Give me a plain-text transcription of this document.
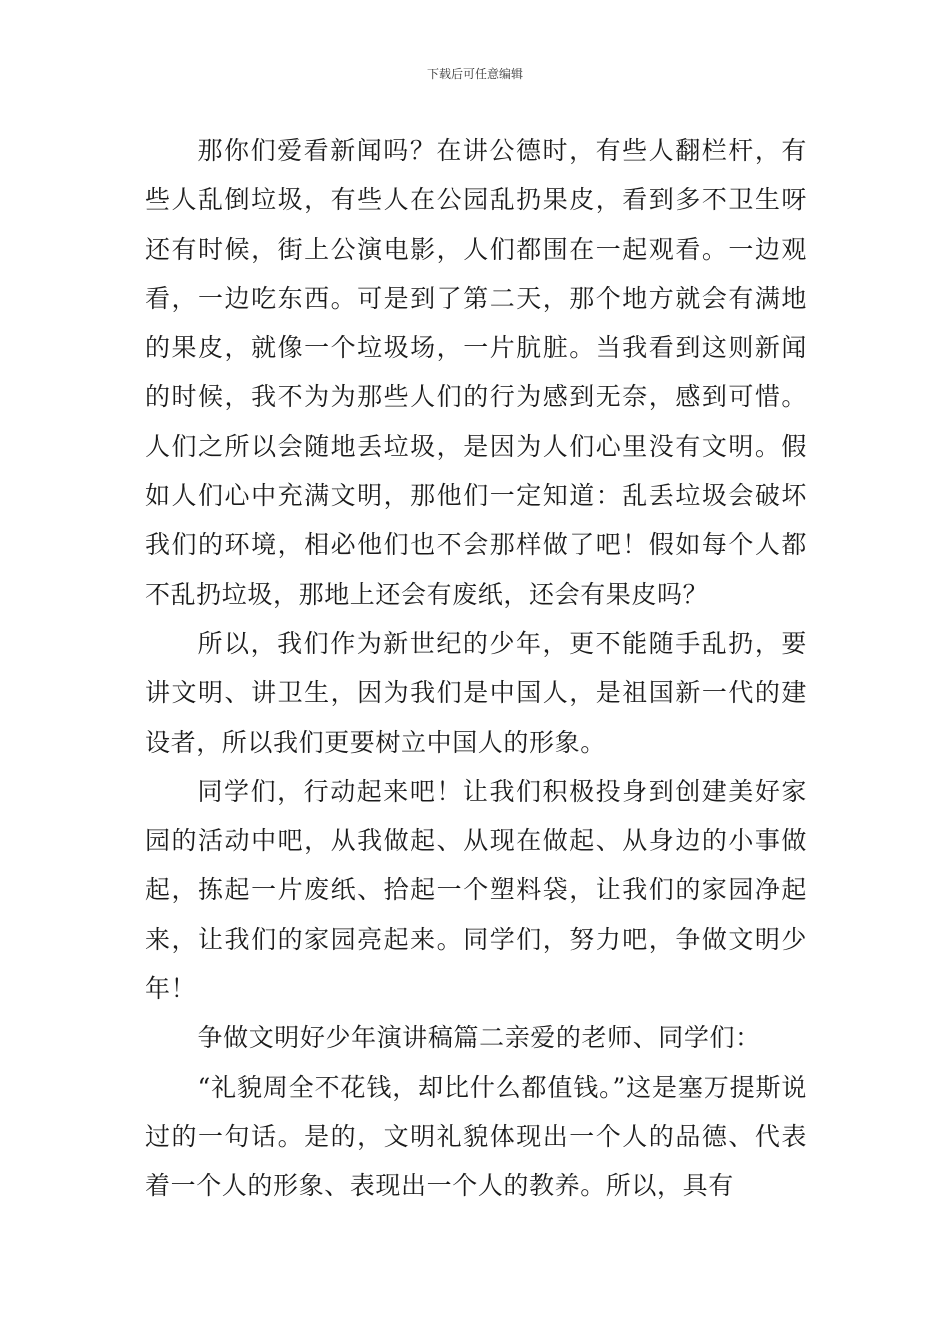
下载后可任意编辑

那你们爱看新闻吗？在讲公德时，有些人翻栏杆，有些人乱倒垃圾，有些人在公园乱扔果皮，看到多不卫生呀还有时候，街上公演电影，人们都围在一起观看。一边观看，一边吃东西。可是到了第二天，那个地方就会有满地的果皮，就像一个垃圾场，一片肮脏。当我看到这则新闻的时候，我不为为那些人们的行为感到无奈，感到可惜。人们之所以会随地丢垃圾，是因为人们心里没有文明。假如人们心中充满文明，那他们一定知道：乱丢垃圾会破坏我们的环境，相必他们也不会那样做了吧！假如每个人都不乱扔垃圾，那地上还会有废纸，还会有果皮吗？

所以，我们作为新世纪的少年，更不能随手乱扔，要讲文明、讲卫生，因为我们是中国人，是祖国新一代的建设者，所以我们更要树立中国人的形象。

同学们，行动起来吧！让我们积极投身到创建美好家园的活动中吧，从我做起、从现在做起、从身边的小事做起，拣起一片废纸、拾起一个塑料袋，让我们的家园净起来，让我们的家园亮起来。同学们，努力吧，争做文明少年！

争做文明好少年演讲稿篇二亲爱的老师、同学们：

“礼貌周全不花钱，却比什么都值钱。”这是塞万提斯说过的一句话。是的，文明礼貌体现出一个人的品德、代表着一个人的形象、表现出一个人的教养。所以，具有
